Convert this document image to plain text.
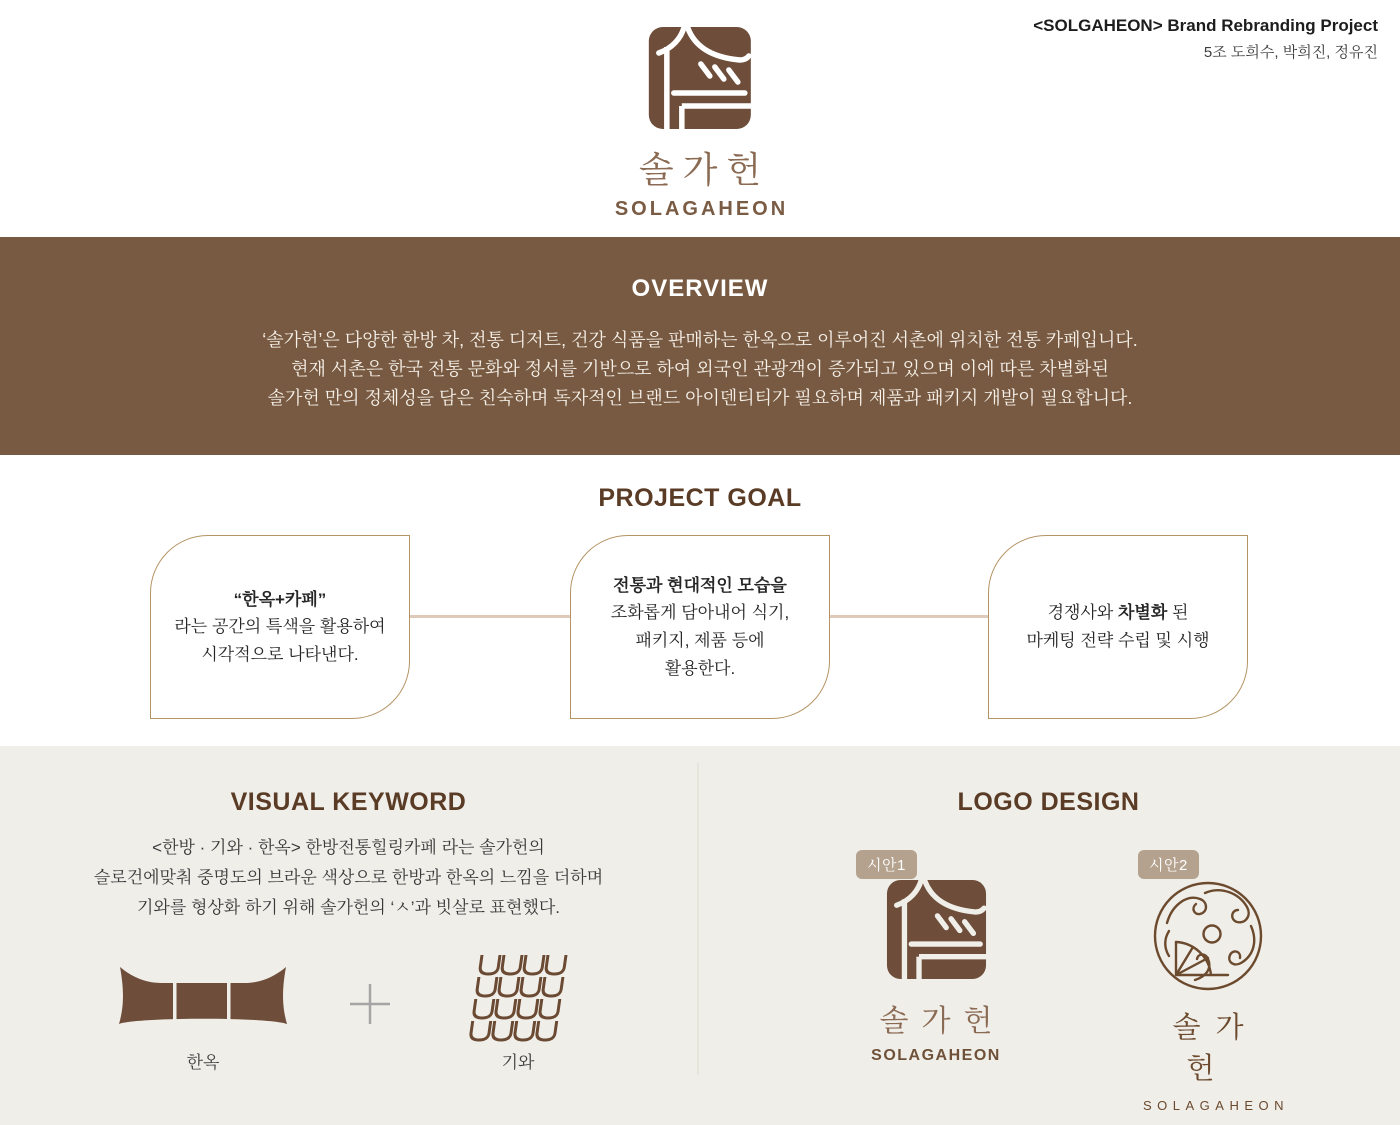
솔가헌
SOLAGAHEON
<SOLGAHEON> Brand Rebranding Project
5조 도희수, 박희진, 정유진
OVERVIEW
‘솔가헌’은 다양한 한방 차, 전통 디저트, 건강 식품을 판매하는 한옥으로 이루어진 서촌에 위치한 전통 카페입니다.
현재 서촌은 한국 전통 문화와 정서를 기반으로 하여 외국인 관광객이 증가되고 있으며 이에 따른 차별화된
솔가헌 만의 정체성을 담은 친숙하며 독자적인 브랜드 아이덴티티가 필요하며 제품과 패키지 개발이 필요합니다.
PROJECT GOAL
“한옥+카페”
라는 공간의 특색을 활용하여
시각적으로 나타낸다.
전통과 현대적인 모습을
조화롭게 담아내어 식기,
패키지, 제품 등에
활용한다.
경쟁사와 차별화 된
마케팅 전략 수립 및 시행
VISUAL KEYWORD
<한방 · 기와 · 한옥> 한방전통힐링카페 라는 솔가헌의
슬로건에맞춰 중명도의 브라운 색상으로 한방과 한옥의 느낌을 더하며
기와를 형상화 하기 위해 솔가헌의 ‘ㅅ’과 빗살로 표현했다.
한옥	기와
LOGO DESIGN
시안1
솔가헌
SOLAGAHEON
시안2
솔가헌
SOLAGAHEON
